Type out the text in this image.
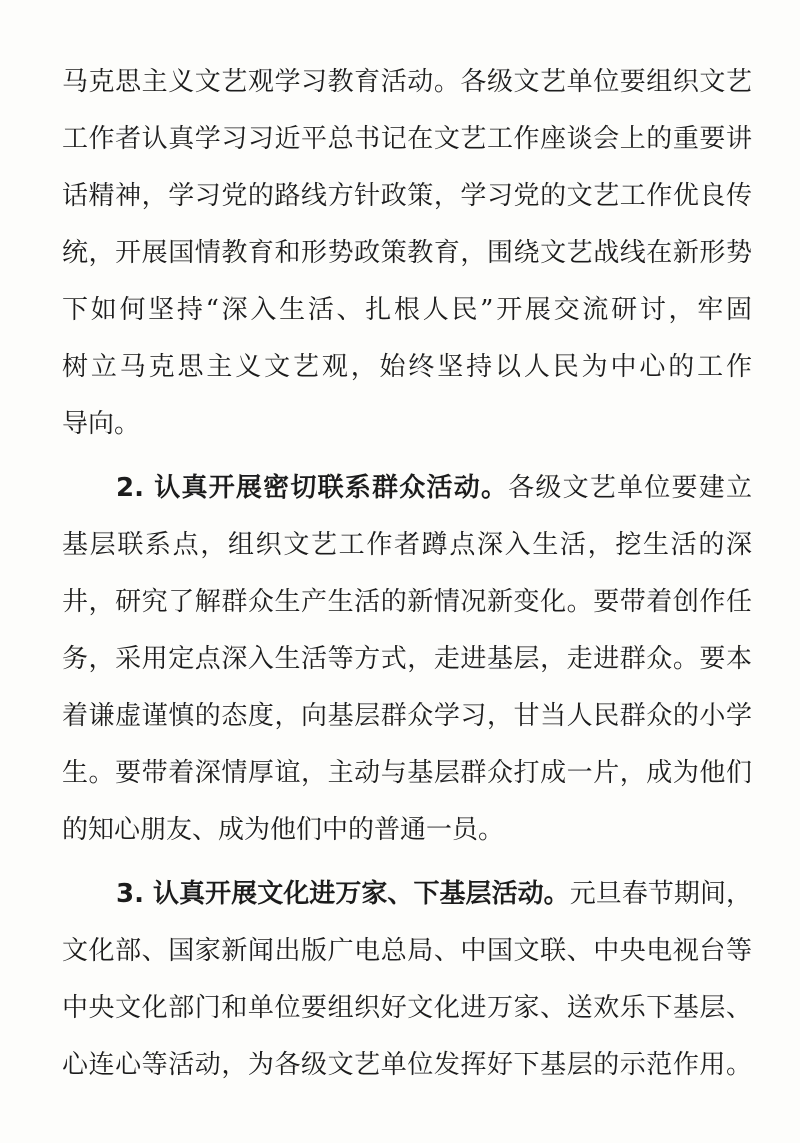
马克思主义文艺观学习教育活动。各级文艺单位要组织文艺
工作者认真学习习近平总书记在文艺工作座谈会上的重要讲
话精神，学习党的路线方针政策，学习党的文艺工作优良传
统，开展国情教育和形势政策教育，围绕文艺战线在新形势
下如何坚持“深入生活、扎根人民”开展交流研讨，牢固
树立马克思主义文艺观，始终坚持以人民为中心的工作
导向。
2. 认真开展密切联系群众活动。各级文艺单位要建立
基层联系点，组织文艺工作者蹲点深入生活，挖生活的深
井，研究了解群众生产生活的新情况新变化。要带着创作任
务，采用定点深入生活等方式，走进基层，走进群众。要本
着谦虚谨慎的态度，向基层群众学习，甘当人民群众的小学
生。要带着深情厚谊，主动与基层群众打成一片，成为他们
的知心朋友、成为他们中的普通一员。
3. 认真开展文化进万家、下基层活动。元旦春节期间，
文化部、国家新闻出版广电总局、中国文联、中央电视台等
中央文化部门和单位要组织好文化进万家、送欢乐下基层、
心连心等活动，为各级文艺单位发挥好下基层的示范作用。
